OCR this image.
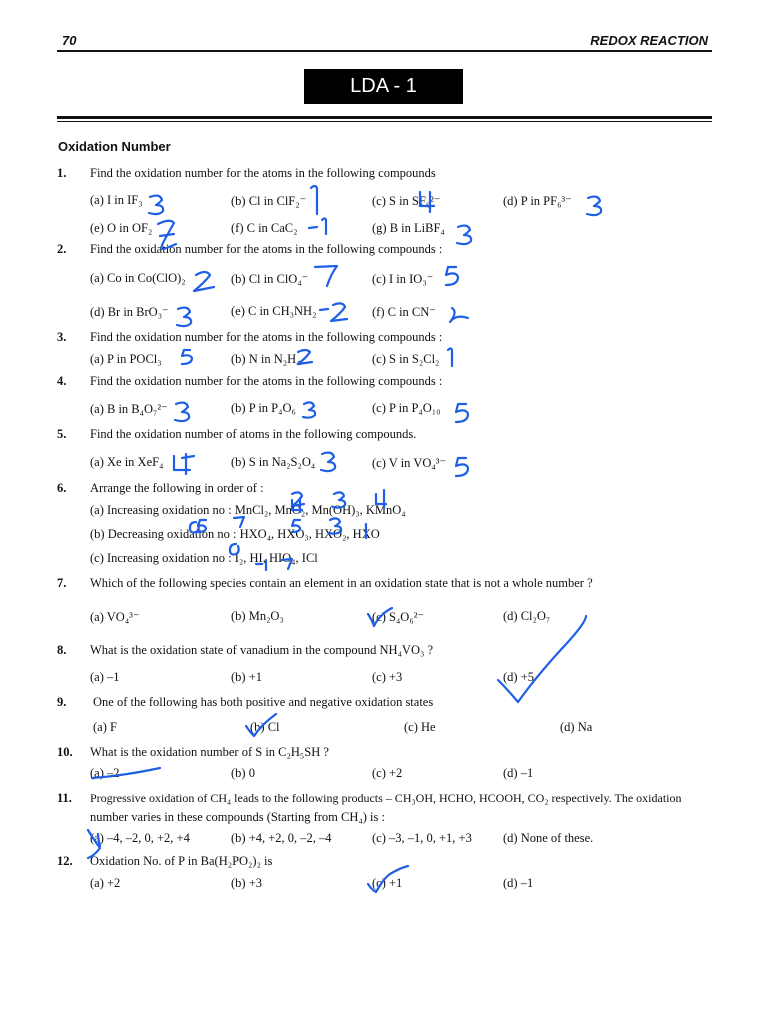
70	REDOX REACTION
LDA - 1
Oxidation Number
1. Find the oxidation number for the atoms in the following compounds
(a) I in IF₃	(b) Cl in ClF₂⁻	(c) S in SF₆²⁻	(d) P in PF₆³⁻
(e) O in OF₂	(f) C in CaC₂	(g) B in LiBF₄
2. Find the oxidation number for the atoms in the following compounds :
(a) Co in Co(ClO)₂	(b) Cl in ClO₄⁻	(c) I in IO₃⁻
(d) Br in BrO₃⁻	(e) C in CH₃NH₂	(f) C in CN⁻
3. Find the oxidation number for the atoms in the following compounds :
(a) P in POCl₃	(b) N in N₂H₄	(c) S in S₂Cl₂
4. Find the oxidation number for the atoms in the following compounds :
(a) B in B₄O₇²⁻	(b) P in P₄O₆	(c) P in P₄O₁₀
5. Find the oxidation number of atoms in the following compounds.
(a) Xe in XeF₄	(b) S in Na₂S₂O₄	(c) V in VO₄³⁻
6. Arrange the following in order of :
(a) Increasing oxidation no : MnCl₂, MnO₂, Mn(OH)₃, KMnO₄
(b) Decreasing oxidation no : HXO₄, HXO₃, HXO₂, HXO
(c) Increasing oxidation no : I₂, HI, HIO₄, ICl
7. Which of the following species contain an element in an oxidation state that is not a whole number ?
(a) VO₄³⁻	(b) Mn₂O₃	(c) S₄O₆²⁻	(d) Cl₂O₇
8. What is the oxidation state of vanadium in the compound NH₄VO₃ ?
(a) –1	(b) +1	(c) +3	(d) +5
9. One of the following has both positive and negative oxidation states
(a) F	(b) Cl	(c) He	(d) Na
10. What is the oxidation number of S in C₂H₅SH ?
(a) –2	(b) 0	(c) +2	(d) –1
11. Progressive oxidation of CH₄ leads to the following products – CH₃OH, HCHO, HCOOH, CO₂ respectively. The oxidation
number varies in these compounds (Starting from CH₄) is :
(a) –4, –2, 0, +2, +4	(b) +4, +2, 0, –2, –4	(c) –3, –1, 0, +1, +3 (d) None of these.
12. Oxidation No. of P in Ba(H₂PO₂)₂ is
(a) +2	(b) +3	(c) +1	(d) –1
